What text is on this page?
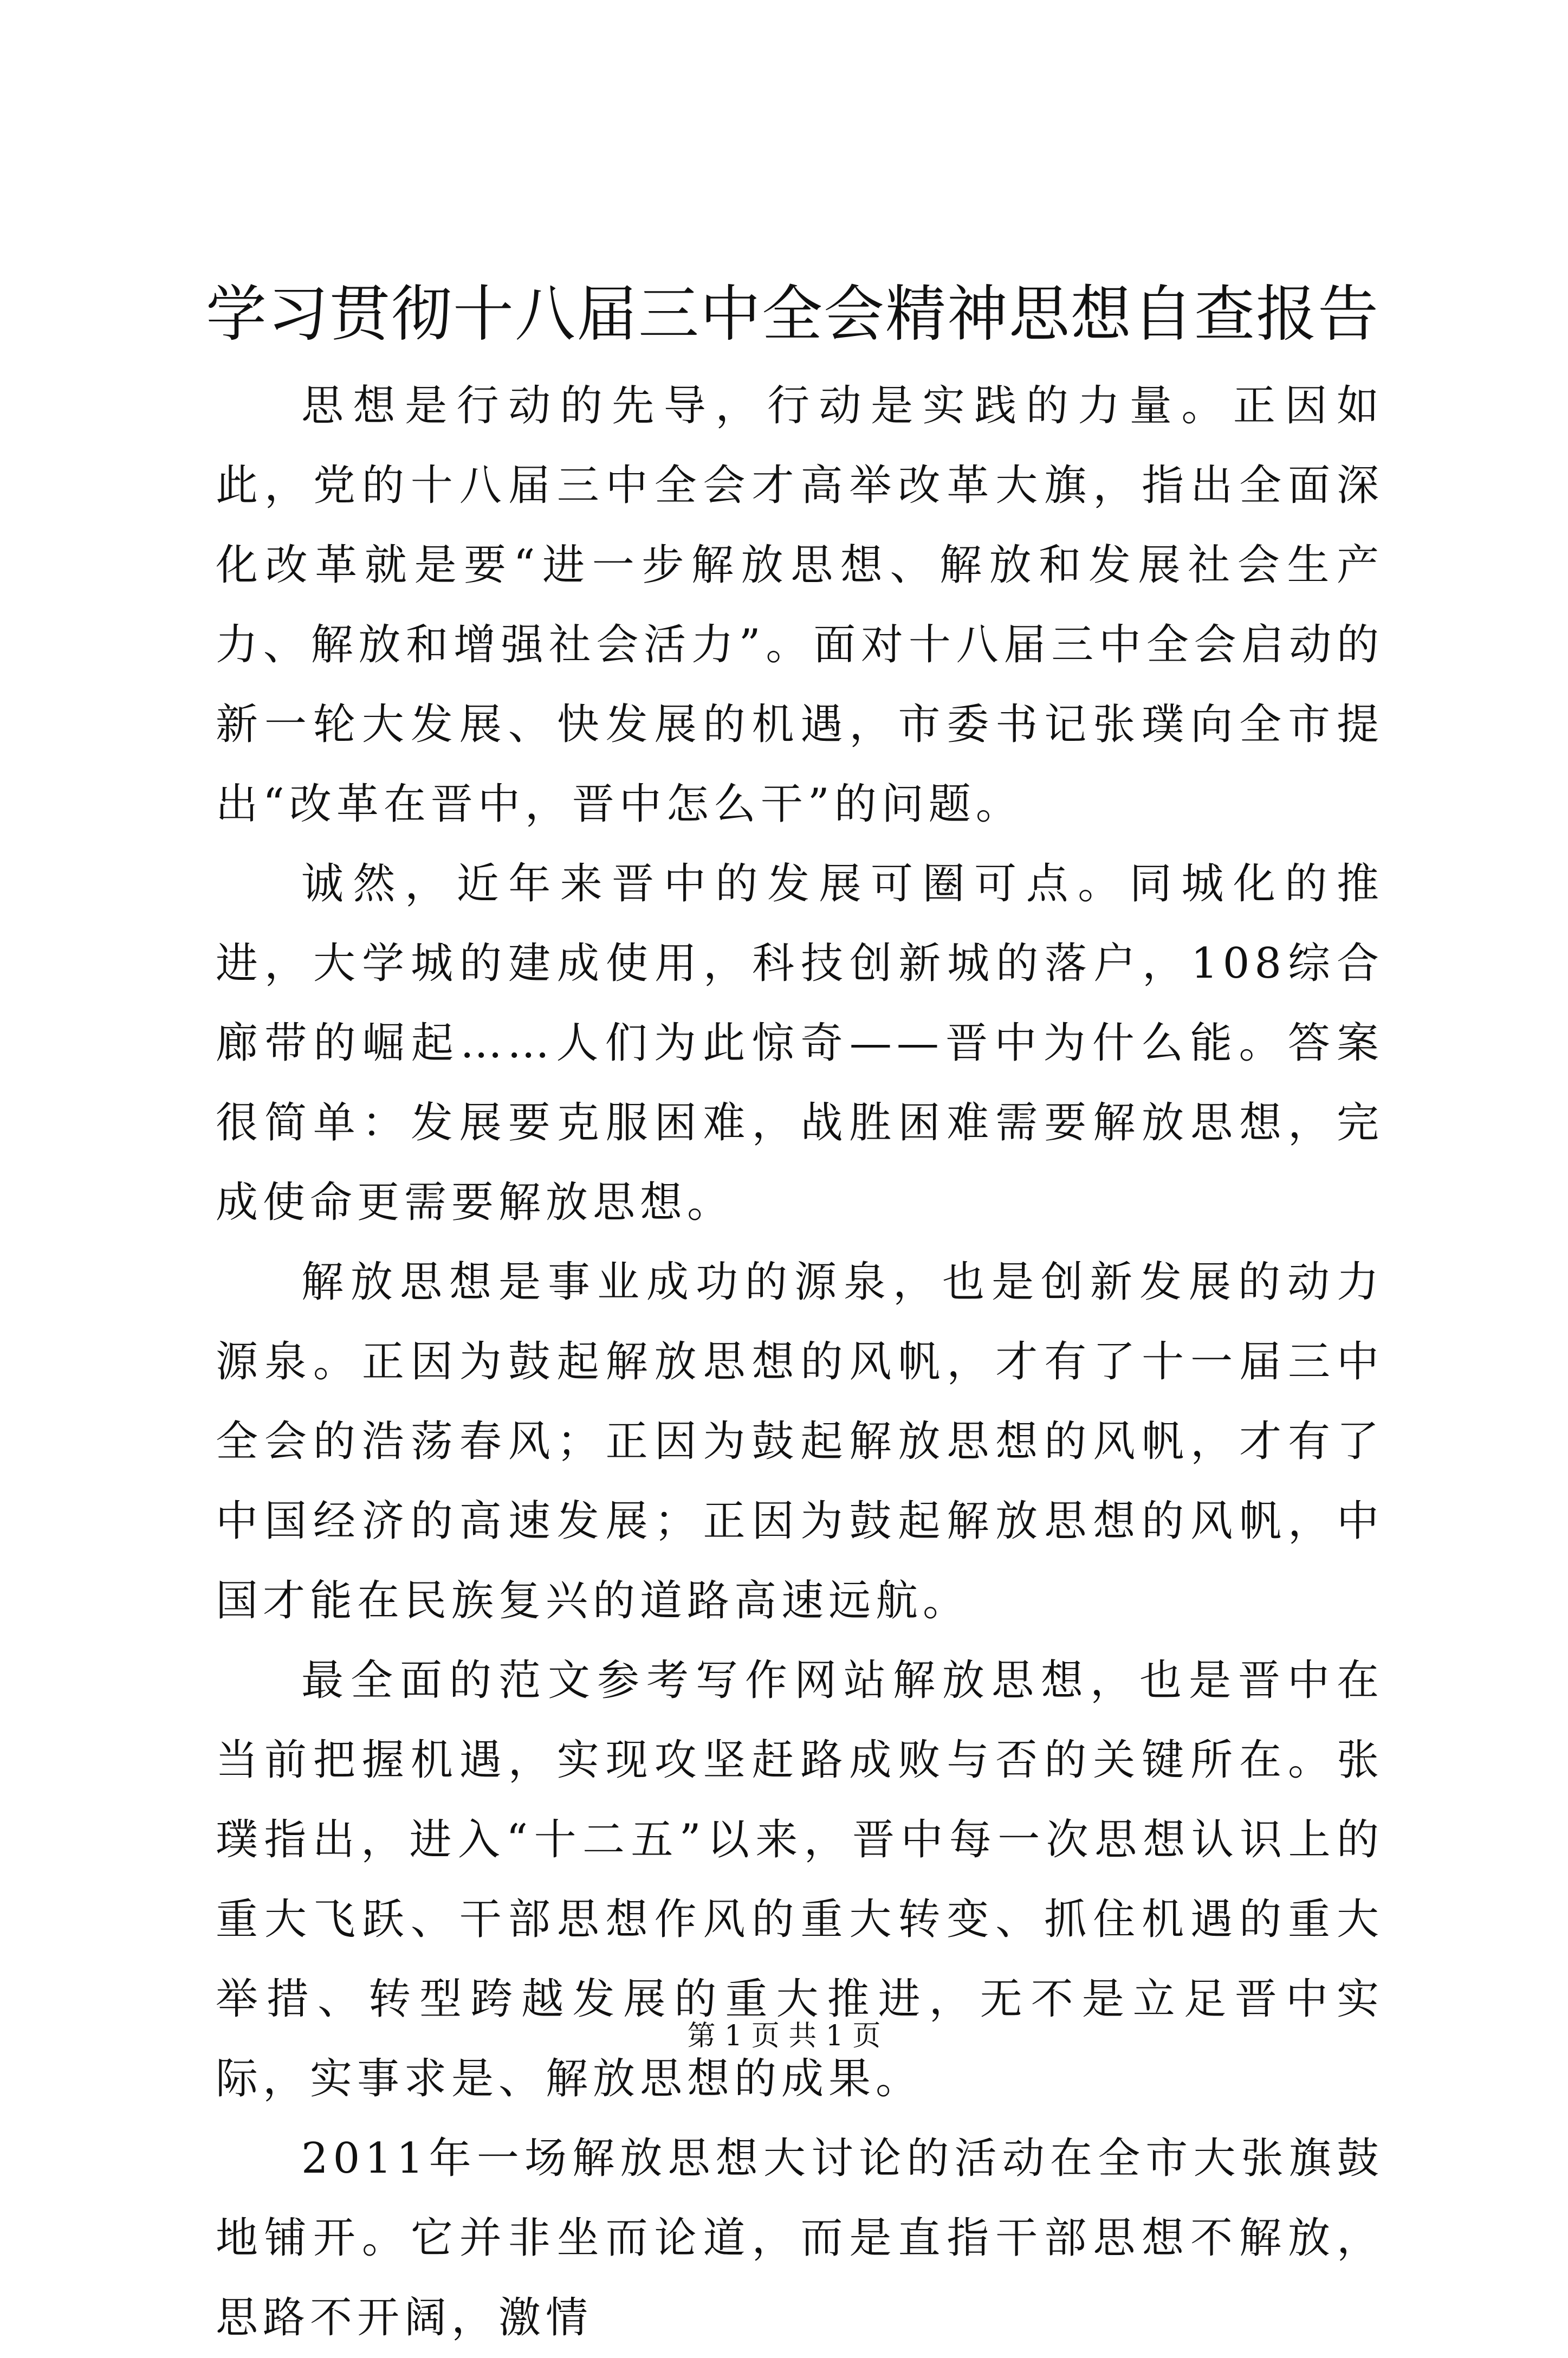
学习贯彻十八届三中全会精神思想自查报告

思想是行动的先导，行动是实践的力量。正因如此，党的十八届三中全会才高举改革大旗，指出全面深化改革就是要“进一步解放思想、解放和发展社会生产力、解放和增强社会活力”。面对十八届三中全会启动的新一轮大发展、快发展的机遇，市委书记张璞向全市提出“改革在晋中，晋中怎么干”的问题。

诚然，近年来晋中的发展可圈可点。同城化的推进，大学城的建成使用，科技创新城的落户，108综合廊带的崛起……人们为此惊奇——晋中为什么能。答案很简单：发展要克服困难，战胜困难需要解放思想，完成使命更需要解放思想。

解放思想是事业成功的源泉，也是创新发展的动力源泉。正因为鼓起解放思想的风帆，才有了十一届三中全会的浩荡春风；正因为鼓起解放思想的风帆，才有了中国经济的高速发展；正因为鼓起解放思想的风帆，中国才能在民族复兴的道路高速远航。

最全面的范文参考写作网站解放思想，也是晋中在当前把握机遇，实现攻坚赶路成败与否的关键所在。张璞指出，进入“十二五”以来，晋中每一次思想认识上的重大飞跃、干部思想作风的重大转变、抓住机遇的重大举措、转型跨越发展的重大推进，无不是立足晋中实际，实事求是、解放思想的成果。

2011年一场解放思想大讨论的活动在全市大张旗鼓地铺开。它并非坐而论道，而是直指干部思想不解放，思路不开阔，激情

第 1 页 共 1 页
